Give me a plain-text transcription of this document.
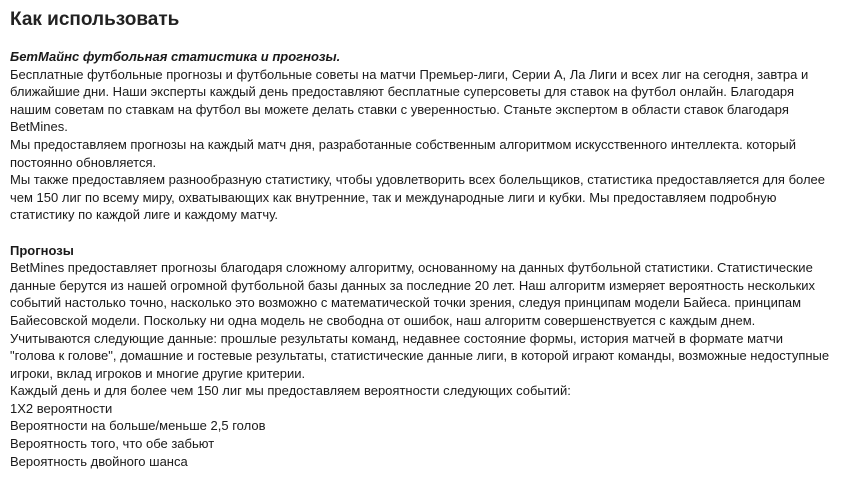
Как использовать

БетМайнс футбольная статистика и прогнозы.

Бесплатные футбольные прогнозы и футбольные советы на матчи Премьер-лиги, Серии А, Ла Лиги и всех лиг на сегодня, завтра и ближайшие дни. Наши эксперты каждый день предоставляют бесплатные суперсоветы для ставок на футбол онлайн. Благодаря нашим советам по ставкам на футбол вы можете делать ставки с уверенностью. Станьте экспертом в области ставок благодаря BetMines.

Мы предоставляем прогнозы на каждый матч дня, разработанные собственным алгоритмом искусственного интеллекта. который постоянно обновляется.

Мы также предоставляем разнообразную статистику, чтобы удовлетворить всех болельщиков, статистика предоставляется для более чем 150 лиг по всему миру, охватывающих как внутренние, так и международные лиги и кубки. Мы предоставляем подробную статистику по каждой лиге и каждому матчу.

Прогнозы

BetMines предоставляет прогнозы благодаря сложному алгоритму, основанному на данных футбольной статистики. Статистические данные берутся из нашей огромной футбольной базы данных за последние 20 лет. Наш алгоритм измеряет вероятность нескольких событий настолько точно, насколько это возможно с математической точки зрения, следуя принципам модели Байеса. принципам Байесовской модели. Поскольку ни одна модель не свободна от ошибок, наш алгоритм совершенствуется с каждым днем.

Учитываются следующие данные: прошлые результаты команд, недавнее состояние формы, история матчей в формате матчи "голова к голове", домашние и гостевые результаты, статистические данные лиги, в которой играют команды, возможные недоступные игроки, вклад игроков и многие другие критерии.

Каждый день и для более чем 150 лиг мы предоставляем вероятности следующих событий:

1X2 вероятности

Вероятности на больше/меньше 2,5 голов

Вероятность того, что обе забьют

Вероятность двойного шанса
